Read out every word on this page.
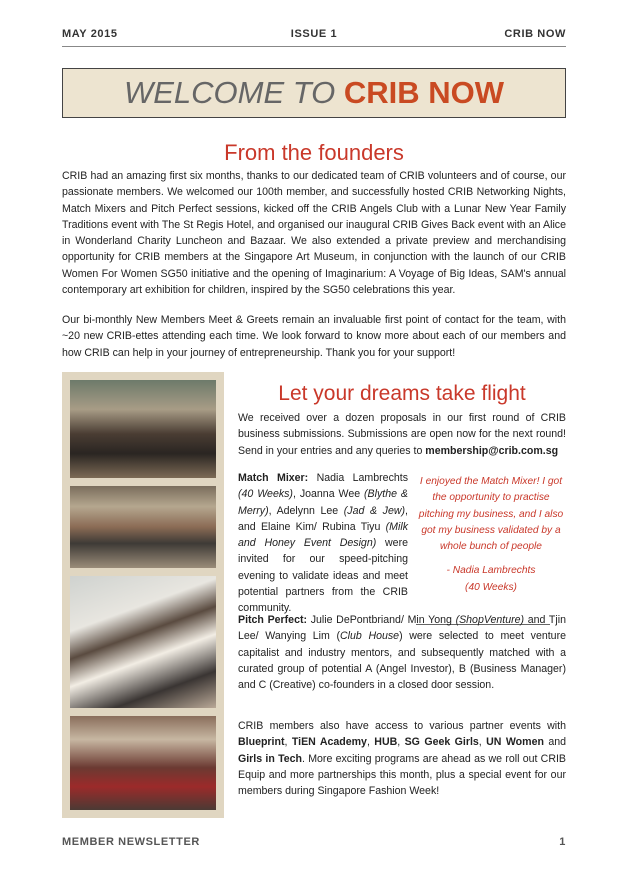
MAY 2015	ISSUE 1	CRIB NOW
WELCOME TO CRIB NOW
From the founders
CRIB had an amazing first six months, thanks to our dedicated team of CRIB volunteers and of course, our passionate members. We welcomed our 100th member, and successfully hosted CRIB Networking Nights, Match Mixers and Pitch Perfect sessions, kicked off the CRIB Angels Club with a Lunar New Year Family Traditions event with The St Regis Hotel, and organised our inaugural CRIB Gives Back event with an Alice in Wonderland Charity Luncheon and Bazaar. We also extended a private preview and merchandising opportunity for CRIB members at the Singapore Art Museum, in conjunction with the launch of our CRIB Women For Women SG50 initiative and the opening of Imaginarium: A Voyage of Big Ideas, SAM's annual contemporary art exhibition for children, inspired by the SG50 celebrations this year.
Our bi-monthly New Members Meet & Greets remain an invaluable first point of contact for the team, with ~20 new CRIB-ettes attending each time. We look forward to know more about each of our members and how CRIB can help in your journey of entrepreneurship. Thank you for your support!
Let your dreams take flight
We received over a dozen proposals in our first round of CRIB business submissions. Submissions are open now for the next round! Send in your entries and any queries to membership@crib.com.sg
Match Mixer: Nadia Lambrechts (40 Weeks), Joanna Wee (Blythe & Merry), Adelynn Lee (Jad & Jew), and Elaine Kim/ Rubina Tiyu (Milk and Honey Event Design) were invited for our speed-pitching evening to validate ideas and meet potential partners from the CRIB community.
I enjoyed the Match Mixer! I got the opportunity to practise pitching my business, and I also got my business validated by a whole bunch of people
- Nadia Lambrechts
(40 Weeks)
Pitch Perfect: Julie DePontbriand/ Min Yong (ShopVenture) and Tjin Lee/ Wanying Lim (Club House) were selected to meet venture capitalist and industry mentors, and subsequently matched with a curated group of potential A (Angel Investor), B (Business Manager) and C (Creative) co-founders in a closed door session.
CRIB members also have access to various partner events with Blueprint, TiEN Academy, HUB, SG Geek Girls, UN Women and Girls in Tech. More exciting programs are ahead as we roll out CRIB Equip and more partnerships this month, plus a special event for our members during Singapore Fashion Week!
MEMBER NEWSLETTER	1
